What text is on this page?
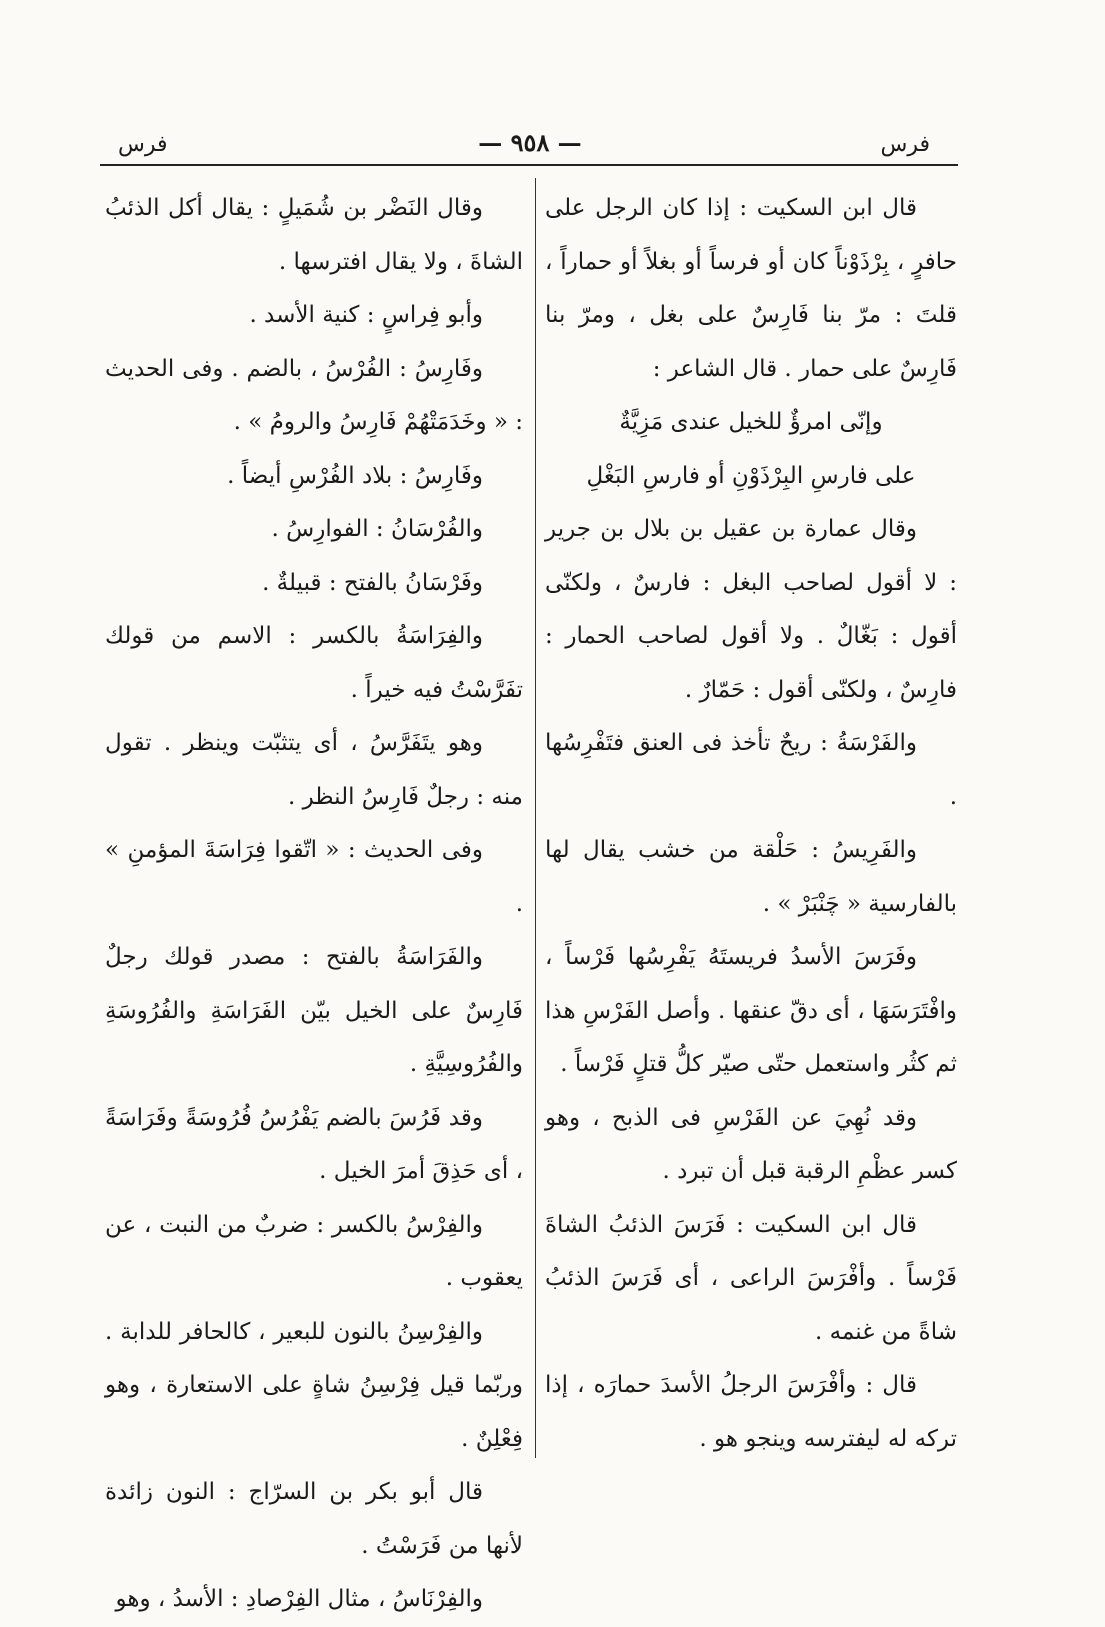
فرس	— ٩٥٨ —	فرس

قال ابن السكيت : إذا كان الرجل على حافرٍ ، بِرْذَوْناً كان أو فرساً أو بغلاً أو حماراً ، قلتَ : مرّ بنا فَارِسٌ على بغل ، ومرّ بنا فَارِسٌ على حمار . قال الشاعر :

وإنّى امرؤٌ للخيل عندى مَزِيَّةٌ

على فارسِ البِرْذَوْنِ أو فارسِ البَغْلِ

وقال عمارة بن عقيل بن بلال بن جرير : لا أقول لصاحب البغل : فارسٌ ، ولكنّى أقول : بَغّالٌ . ولا أقول لصاحب الحمار : فارِسٌ ، ولكنّى أقول : حَمّارٌ .

والفَرْسَةُ : ريحٌ تأخذ فى العنق فتَفْرِسُها .

والفَرِيسُ : حَلْقة من خشب يقال لها بالفارسية « چَنْبَرْ » .

وفَرَسَ الأسدُ فريستَهُ يَفْرِسُها فَرْساً ، وافْتَرَسَهَا ، أى دقّ عنقها . وأصل الفَرْسِ هذا ثم كثُر واستعمل حتّى صيّر كلُّ قتلٍ فَرْساً .

وقد نُهِيَ عن الفَرْسِ فى الذبح ، وهو كسر عظْمِ الرقبة قبل أن تبرد .

قال ابن السكيت : فَرَسَ الذئبُ الشاةَ فَرْساً . وأفْرَسَ الراعى ، أى فَرَسَ الذئبُ شاةً من غنمه .

قال : وأفْرَسَ الرجلُ الأسدَ حمارَه ، إذا تركه له ليفترسه وينجو هو .

وقال النَضْر بن شُمَيلٍ : يقال أكل الذئبُ الشاةَ ، ولا يقال افترسها .

وأبو فِراسٍ : كنية الأسد .

وفَارِسُ : الفُرْسُ ، بالضم . وفى الحديث : « وخَدَمَتْهُمْ فَارِسُ والرومُ » .

وفَارِسُ : بلاد الفُرْسِ أيضاً .

والفُرْسَانُ : الفوارِسُ .

وفَرْسَانُ بالفتح : قبيلةٌ .

والفِرَاسَةُ بالكسر : الاسم من قولك تفَرَّسْتُ فيه خيراً .

وهو يتَفَرَّسُ ، أى يتثبّت وينظر . تقول منه : رجلٌ فَارِسُ النظر .

وفى الحديث : « اتّقوا فِرَاسَةَ المؤمنِ » .

والفَرَاسَةُ بالفتح : مصدر قولك رجلٌ فَارِسٌ على الخيل بيّن الفَرَاسَةِ والفُرُوسَةِ والفُرُوسِيَّةِ .

وقد فَرُسَ بالضم يَفْرُسُ فُرُوسَةً وفَرَاسَةً ، أى حَذِقَ أمرَ الخيل .

والفِرْسُ بالكسر : ضربٌ من النبت ، عن يعقوب .

والفِرْسِنُ بالنون للبعير ، كالحافر للدابة . وربّما قيل فِرْسِنُ شاةٍ على الاستعارة ، وهو فِعْلِنٌ .

قال أبو بكر بن السرّاج : النون زائدة لأنها من فَرَسْتُ .

والفِرْنَاسُ ، مثال الفِرْصادِ : الأسدُ ، وهو
